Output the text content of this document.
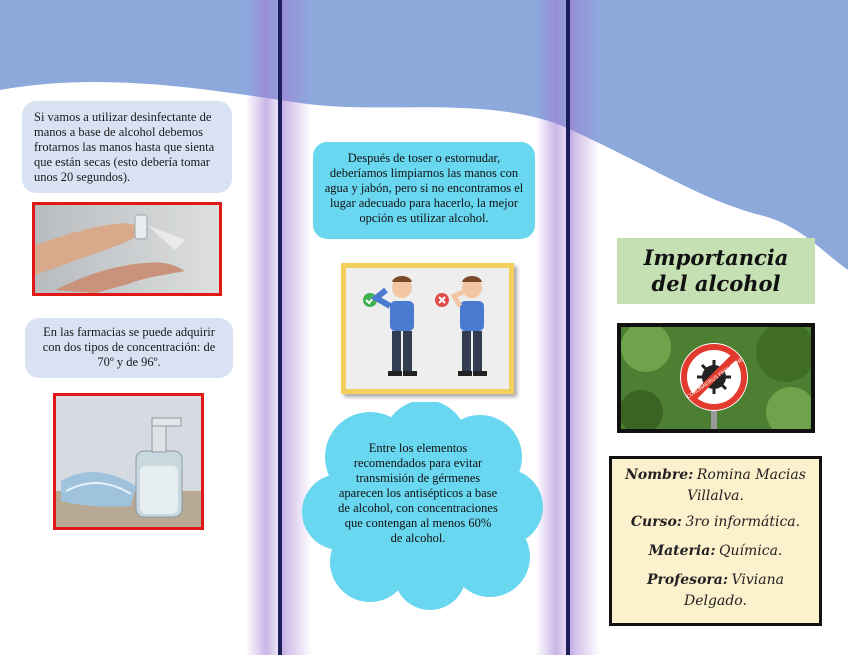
Si vamos a utilizar desinfectante de manos a base de alcohol debemos frotarnos las manos hasta que sienta que están secas (esto debería tomar unos 20 segundos).
En las farmacias se puede adquirir con dos tipos de concentración: de 70º y de 96º.
Después de toser o estornudar, deberíamos limpiarnos las manos con agua y jabón, pero si no encontramos el lugar adecuado para hacerlo, la mejor opción es utilizar alcohol.
Entre los elementos recomendados para evitar transmisión de gérmenes aparecen los antisépticos a base de alcohol, con concentraciones que contengan al menos 60% de alcohol.
Importancia del alcohol
CORONAVIRUS FREE ZONE
Nombre: Romina Macias Villalva.
Curso: 3ro informática.
Materia: Química.
Profesora: Viviana Delgado.
